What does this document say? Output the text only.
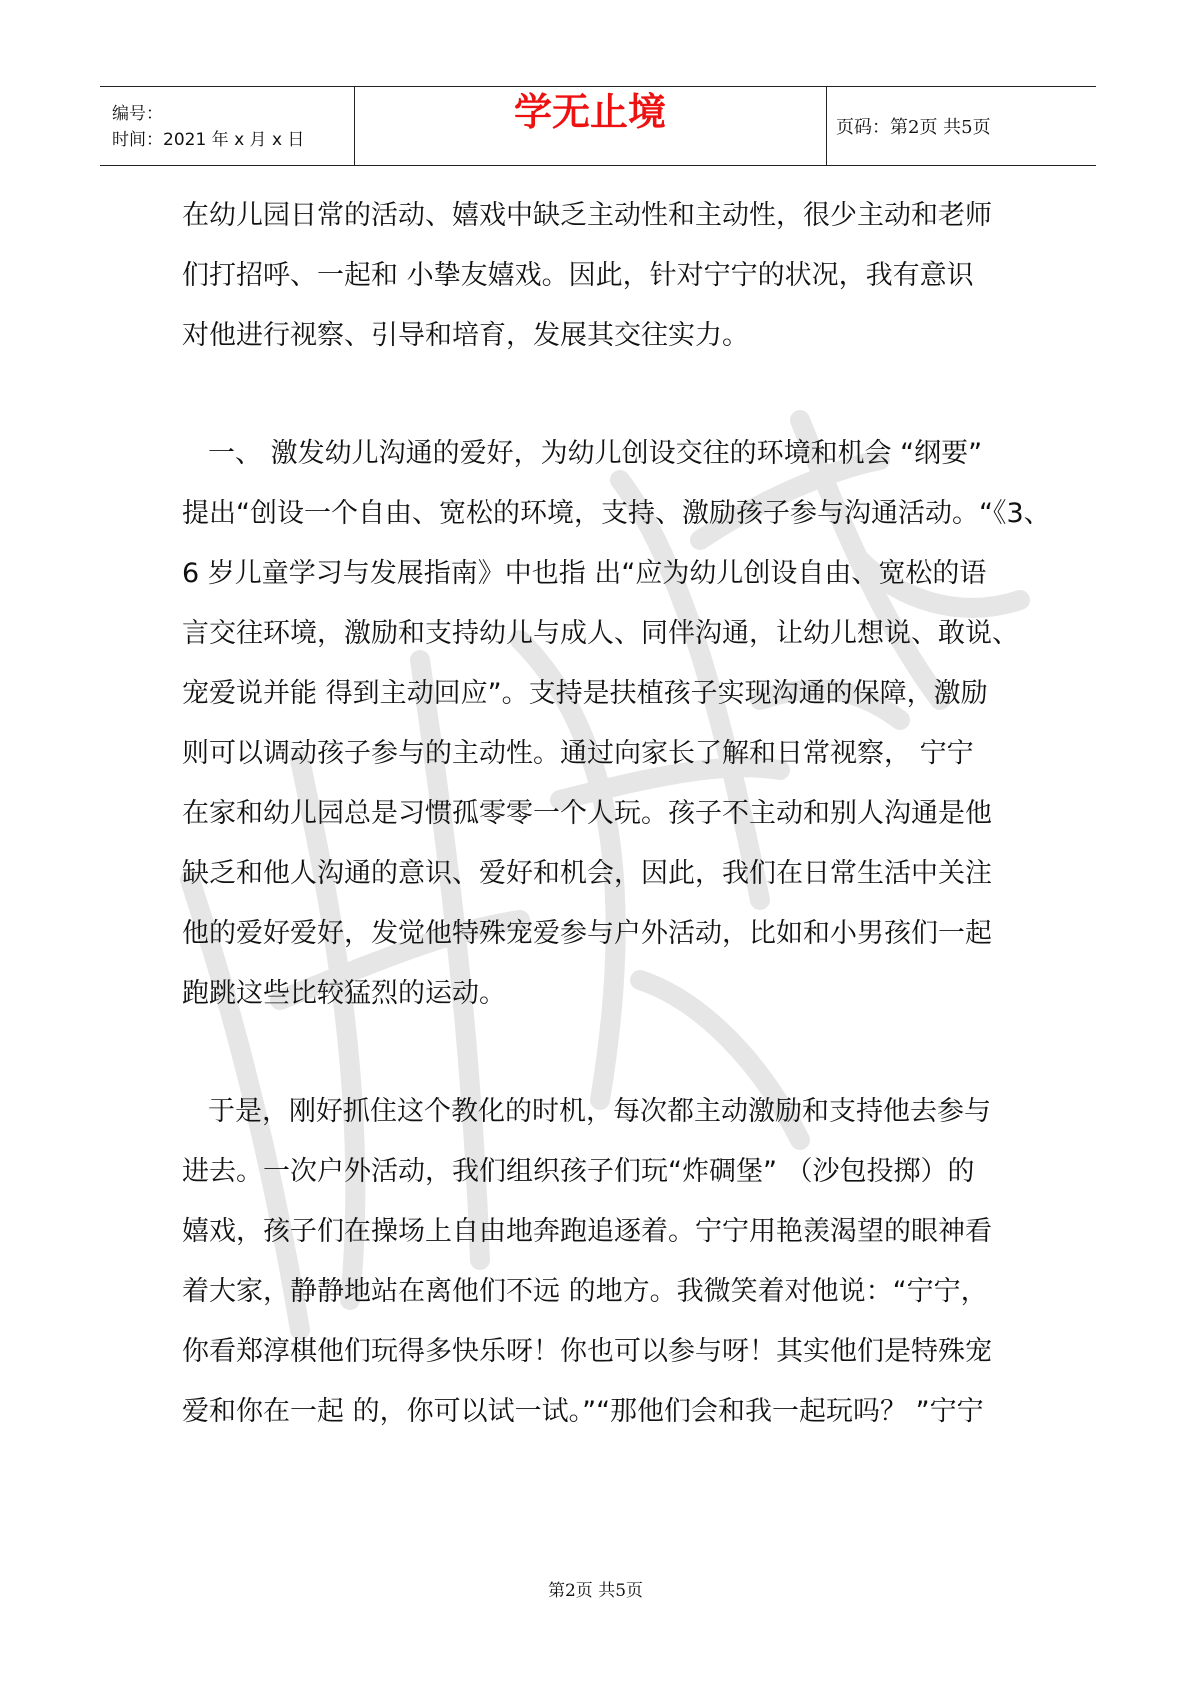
编号：
时间：2021 年 x 月 x 日
学无止境	页码：第2页 共5页
在幼儿园日常的活动、嬉戏中缺乏主动性和主动性，很少主动和老师
们打招呼、一起和 小挚友嬉戏。因此，针对宁宁的状况，我有意识
对他进行视察、引导和培育，发展其交往实力。
一、 激发幼儿沟通的爱好，为幼儿创设交往的环境和机会 “纲要”
提出“创设一个自由、宽松的环境，支持、激励孩子参与沟通活动。“《3、
6 岁儿童学习与发展指南》中也指 出“应为幼儿创设自由、宽松的语
言交往环境，激励和支持幼儿与成人、同伴沟通，让幼儿想说、敢说、
宠爱说并能 得到主动回应”。支持是扶植孩子实现沟通的保障，激励
则可以调动孩子参与的主动性。通过向家长了解和日常视察， 宁宁
在家和幼儿园总是习惯孤零零一个人玩。孩子不主动和别人沟通是他
缺乏和他人沟通的意识、爱好和机会，因此，我们在日常生活中关注
他的爱好爱好，发觉他特殊宠爱参与户外活动，比如和小男孩们一起
跑跳这些比较猛烈的运动。
于是，刚好抓住这个教化的时机，每次都主动激励和支持他去参与
进去。一次户外活动，我们组织孩子们玩“炸碉堡” （沙包投掷）的
嬉戏，孩子们在操场上自由地奔跑追逐着。宁宁用艳羡渴望的眼神看
着大家，静静地站在离他们不远 的地方。我微笑着对他说：“宁宁，
你看郑淳棋他们玩得多快乐呀！你也可以参与呀！其实他们是特殊宠
爱和你在一起 的，你可以试一试。”“那他们会和我一起玩吗？ ”宁宁
第2页 共5页
